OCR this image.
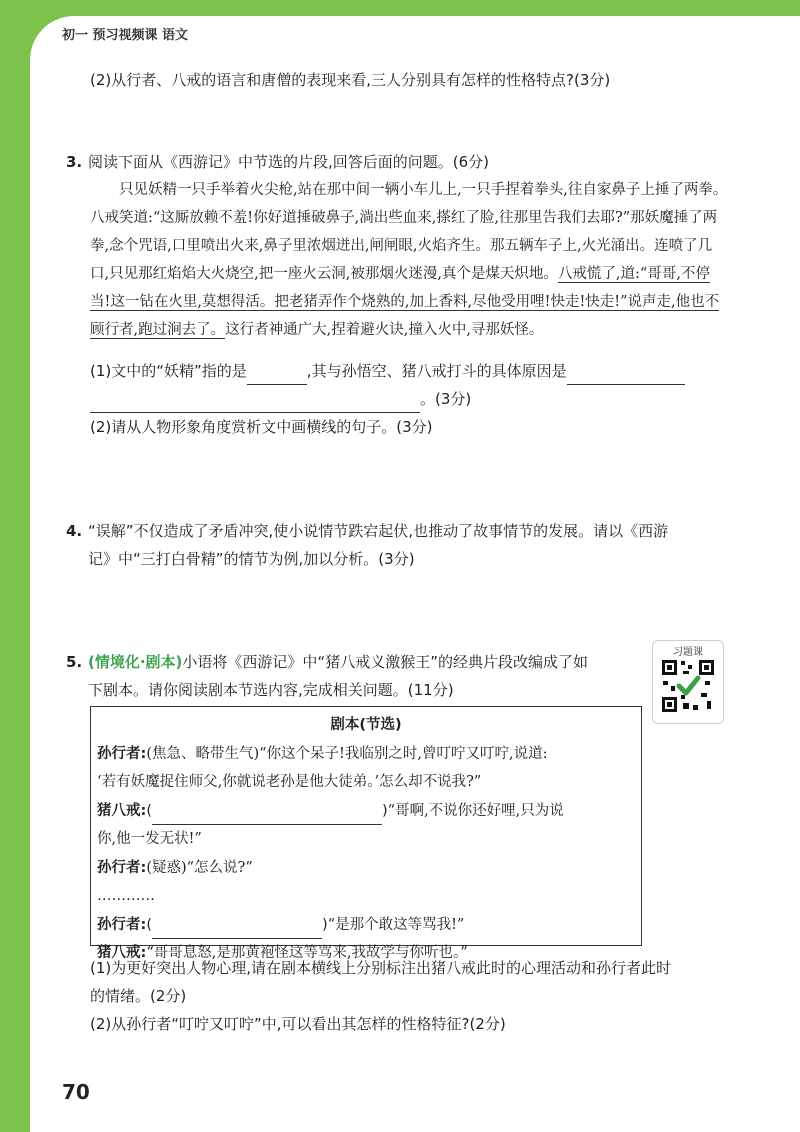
初一 预习视频课 语文
(2)从行者、八戒的语言和唐僧的表现来看,三人分别具有怎样的性格特点?(3分)
3. 阅读下面从《西游记》中节选的片段,回答后面的问题。(6分)
只见妖精一只手举着火尖枪,站在那中间一辆小车儿上,一只手捏着拳头,往自家鼻子上捶了两拳。八戒笑道:“这厮放赖不羞!你好道捶破鼻子,淌出些血来,搽红了脸,往那里告我们去耶?”那妖魔捶了两拳,念个咒语,口里喷出火来,鼻子里浓烟迸出,闸闸眼,火焰齐生。那五辆车子上,火光涌出。连喷了几口,只见那红焰焰大火烧空,把一座火云洞,被那烟火迷漫,真个是煤天炽地。八戒慌了,道:“哥哥,不停当!这一钻在火里,莫想得活。把老猪弄作个烧熟的,加上香料,尽他受用哩!快走!快走!”说声走,他也不顾行者,跑过涧去了。这行者神通广大,捏着避火诀,撞入火中,寻那妖怪。
(1)文中的“妖精”指的是	,其与孙悟空、猪八戒打斗的具体原因是
。(3分)
(2)请从人物形象角度赏析文中画横线的句子。(3分)
4. “误解”不仅造成了矛盾冲突,使小说情节跌宕起伏,也推动了故事情节的发展。请以《西游
记》中“三打白骨精”的情节为例,加以分析。(3分)
5. (情境化·剧本)小语将《西游记》中“猪八戒义激猴王”的经典片段改编成了如
下剧本。请你阅读剧本节选内容,完成相关问题。(11分)
习题课
剧本(节选)
孙行者:(焦急、略带生气)“你这个呆子!我临别之时,曾叮咛又叮咛,说道:
‘若有妖魔捉住师父,你就说老孙是他大徒弟。’怎么却不说我?”
猪八戒:(	)“哥啊,不说你还好哩,只为说
你,他一发无状!”
孙行者:(疑惑)“怎么说?”
…………
孙行者:(	)“是那个敢这等骂我!”
猪八戒:“哥哥息怒,是那黄袍怪这等骂来,我故学与你听也。”
(1)为更好突出人物心理,请在剧本横线上分别标注出猪八戒此时的心理活动和孙行者此时
的情绪。(2分)
(2)从孙行者“叮咛又叮咛”中,可以看出其怎样的性格特征?(2分)
70
